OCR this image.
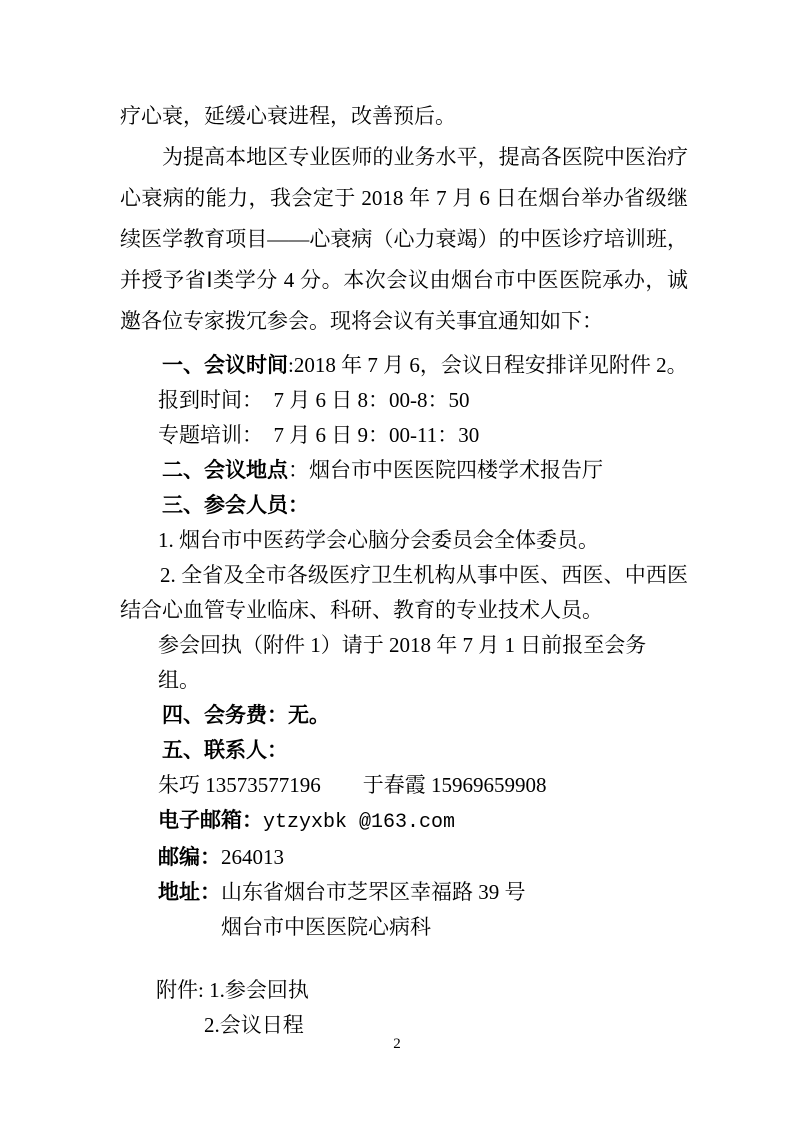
疗心衰，延缓心衰进程，改善预后。

为提高本地区专业医师的业务水平，提高各医院中医治疗心衰病的能力，我会定于 2018 年 7 月 6 日在烟台举办省级继续医学教育项目——心衰病（心力衰竭）的中医诊疗培训班，并授予省Ⅰ类学分 4 分。本次会议由烟台市中医医院承办，诚邀各位专家拨冗参会。现将会议有关事宜通知如下：

一、会议时间:2018 年 7 月 6，会议日程安排详见附件 2。

报到时间：　7 月 6 日 8：00-8：50

专题培训：　7 月 6 日 9：00-11：30

二、会议地点：烟台市中医医院四楼学术报告厅

三、参会人员：

1. 烟台市中医药学会心脑分会委员会全体委员。

2. 全省及全市各级医疗卫生机构从事中医、西医、中西医结合心血管专业临床、科研、教育的专业技术人员。

参会回执（附件 1）请于 2018 年 7 月 1 日前报至会务组。

四、会务费：无。

五、联系人：

朱巧 13573577196　　于春霞 15969659908

电子邮箱：ytzyxbk @163.com

邮编：264013

地址：山东省烟台市芝罘区幸福路 39 号

烟台市中医医院心病科

附件: 1.参会回执

2.会议日程

2
